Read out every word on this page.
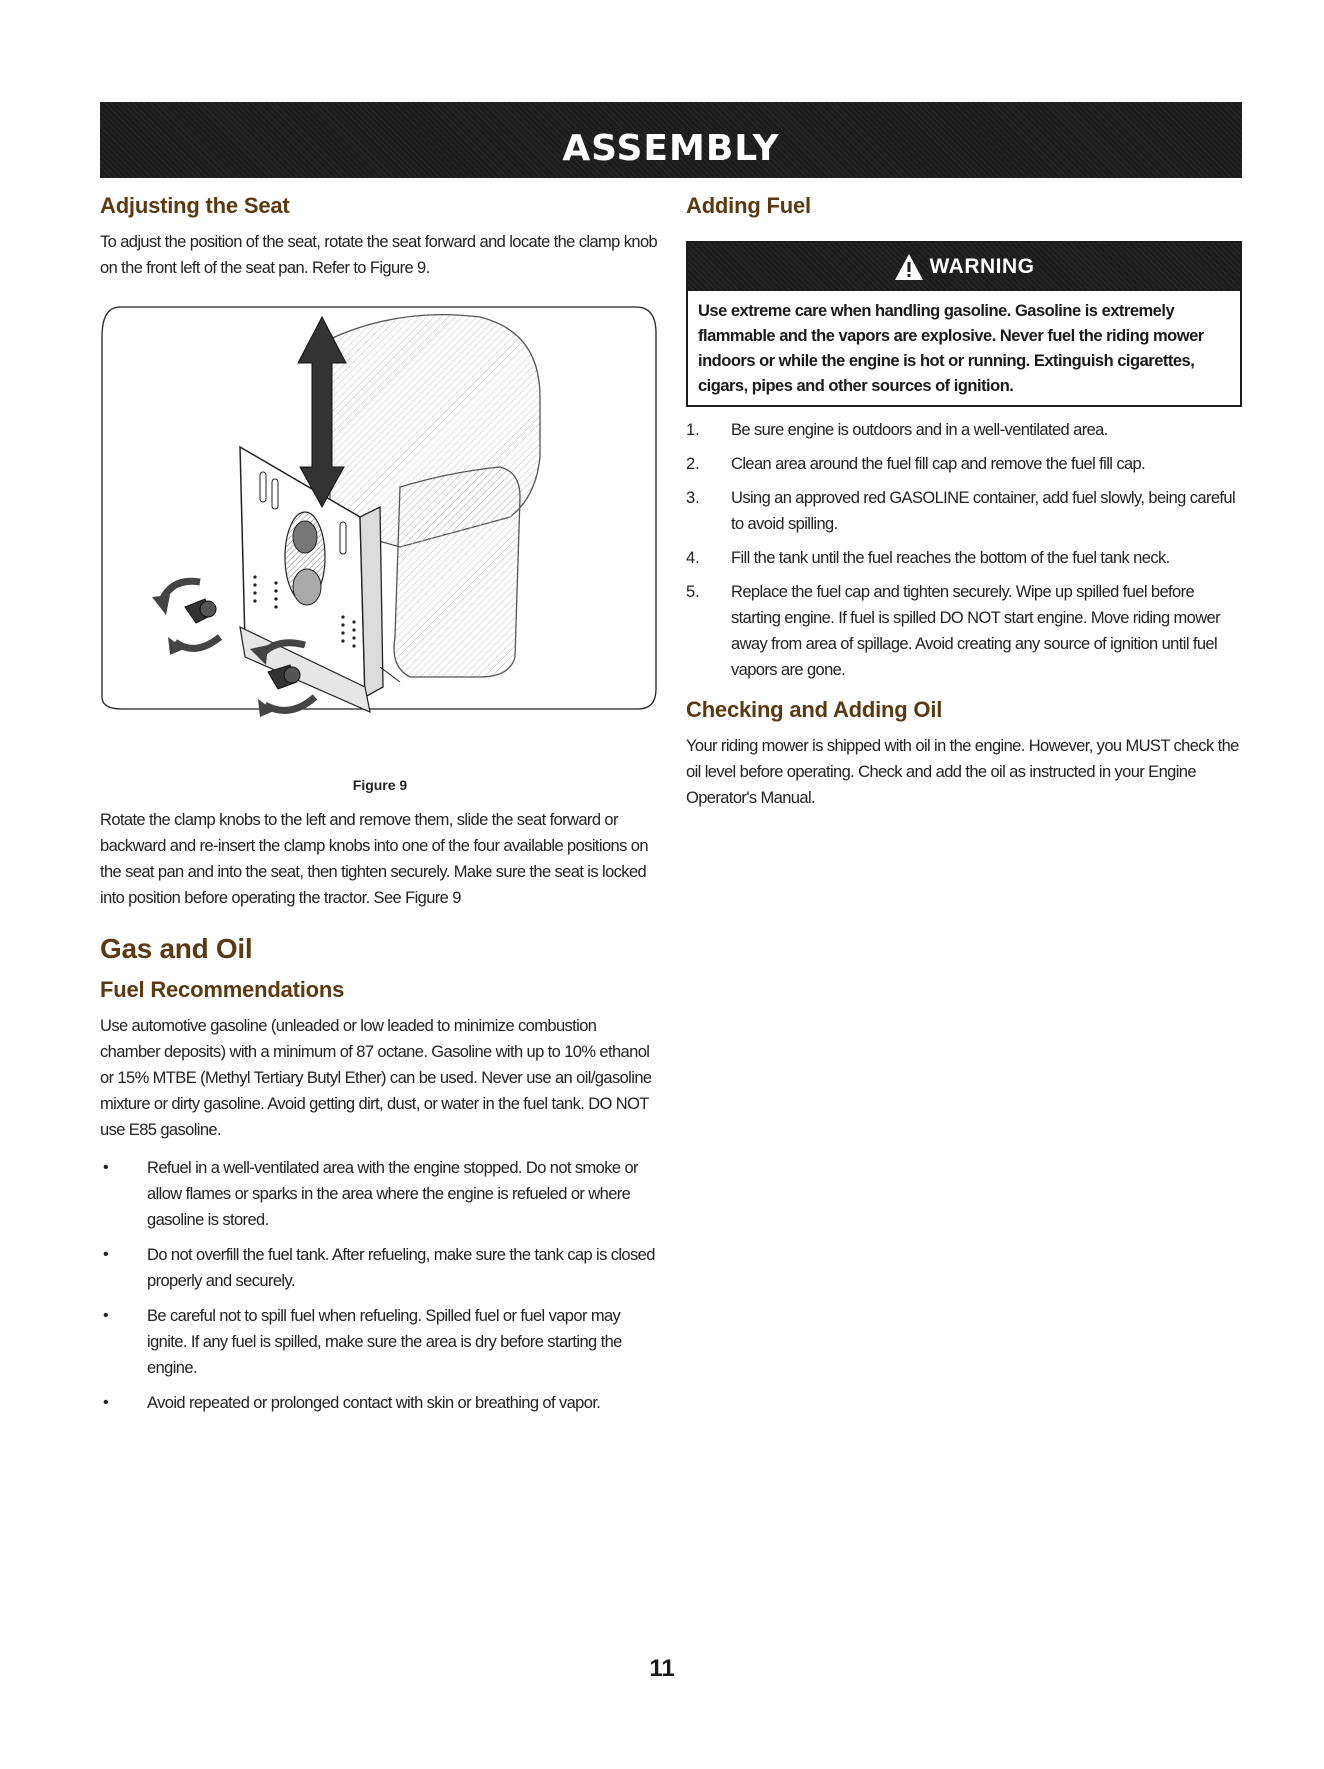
ASSEMBLY
Adjusting the Seat

To adjust the position of the seat, rotate the seat forward and locate the clamp knob on the front left of the seat pan. Refer to Figure 9.

Figure 9

Rotate the clamp knobs to the left and remove them, slide the seat forward or backward and re-insert the clamp knobs into one of the four available positions on the seat pan and into the seat, then tighten securely. Make sure the seat is locked into position before operating the tractor. See Figure 9

Gas and Oil
Fuel Recommendations

Use automotive gasoline (unleaded or low leaded to minimize combustion chamber deposits) with a minimum of 87 octane. Gasoline with up to 10% ethanol or 15% MTBE (Methyl Tertiary Butyl Ether) can be used. Never use an oil/gasoline mixture or dirty gasoline. Avoid getting dirt, dust, or water in the fuel tank. DO NOT use E85 gasoline.

• Refuel in a well-ventilated area with the engine stopped. Do not smoke or allow flames or sparks in the area where the engine is refueled or where gasoline is stored.
• Do not overfill the fuel tank. After refueling, make sure the tank cap is closed properly and securely.
• Be careful not to spill fuel when refueling. Spilled fuel or fuel vapor may ignite. If any fuel is spilled, make sure the area is dry before starting the engine.
• Avoid repeated or prolonged contact with skin or breathing of vapor.
Adding Fuel
WARNING
Use extreme care when handling gasoline. Gasoline is extremely flammable and the vapors are explosive. Never fuel the riding mower indoors or while the engine is hot or running. Extinguish cigarettes, cigars, pipes and other sources of ignition.
1. Be sure engine is outdoors and in a well-ventilated area.
2. Clean area around the fuel fill cap and remove the fuel fill cap.
3. Using an approved red GASOLINE container, add fuel slowly, being careful to avoid spilling.
4. Fill the tank until the fuel reaches the bottom of the fuel tank neck.
5. Replace the fuel cap and tighten securely. Wipe up spilled fuel before starting engine. If fuel is spilled DO NOT start engine. Move riding mower away from area of spillage. Avoid creating any source of ignition until fuel vapors are gone.
Checking and Adding Oil

Your riding mower is shipped with oil in the engine. However, you MUST check the oil level before operating. Check and add the oil as instructed in your Engine Operator's Manual.

11
